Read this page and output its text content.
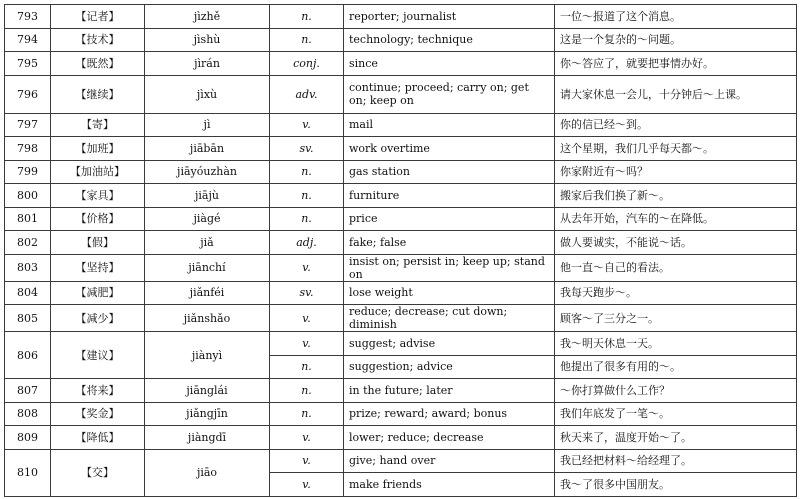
793	【记者】	jìzhě	n.	reporter; journalist	一位～报道了这个消息。
794	【技术】	jìshù	n.	technology; technique	这是一个复杂的～问题。
795	【既然】	jìrán	conj.	since	你～答应了，就要把事情办好。
796	【继续】	jìxù	adv.	continue; proceed; carry on; get on; keep on	请大家休息一会儿，十分钟后～上课。
797	【寄】	jì	v.	mail	你的信已经～到。
798	【加班】	jiābān	sv.	work overtime	这个星期，我们几乎每天都～。
799	【加油站】	jiāyóuzhàn	n.	gas station	你家附近有～吗？
800	【家具】	jiājù	n.	furniture	搬家后我们换了新～。
801	【价格】	jiàgé	n.	price	从去年开始，汽车的～在降低。
802	【假】	jiǎ	adj.	fake; false	做人要诚实，不能说～话。
803	【坚持】	jiānchí	v.	insist on; persist in; keep up; stand on	他一直～自己的看法。
804	【减肥】	jiǎnféi	sv.	lose weight	我每天跑步～。
805	【减少】	jiǎnshǎo	v.	reduce; decrease; cut down; diminish	顾客～了三分之一。
806	【建议】	jiànyì	v.	suggest; advise	我～明天休息一天。
			n.	suggestion; advice	他提出了很多有用的～。
807	【将来】	jiānglái	n.	in the future; later	～你打算做什么工作？
808	【奖金】	jiǎngjīn	n.	prize; reward; award; bonus	我们年底发了一笔～。
809	【降低】	jiàngdī	v.	lower; reduce; decrease	秋天来了，温度开始～了。
810	【交】	jiāo	v.	give; hand over	我已经把材料～给经理了。
			v.	make friends	我～了很多中国朋友。
